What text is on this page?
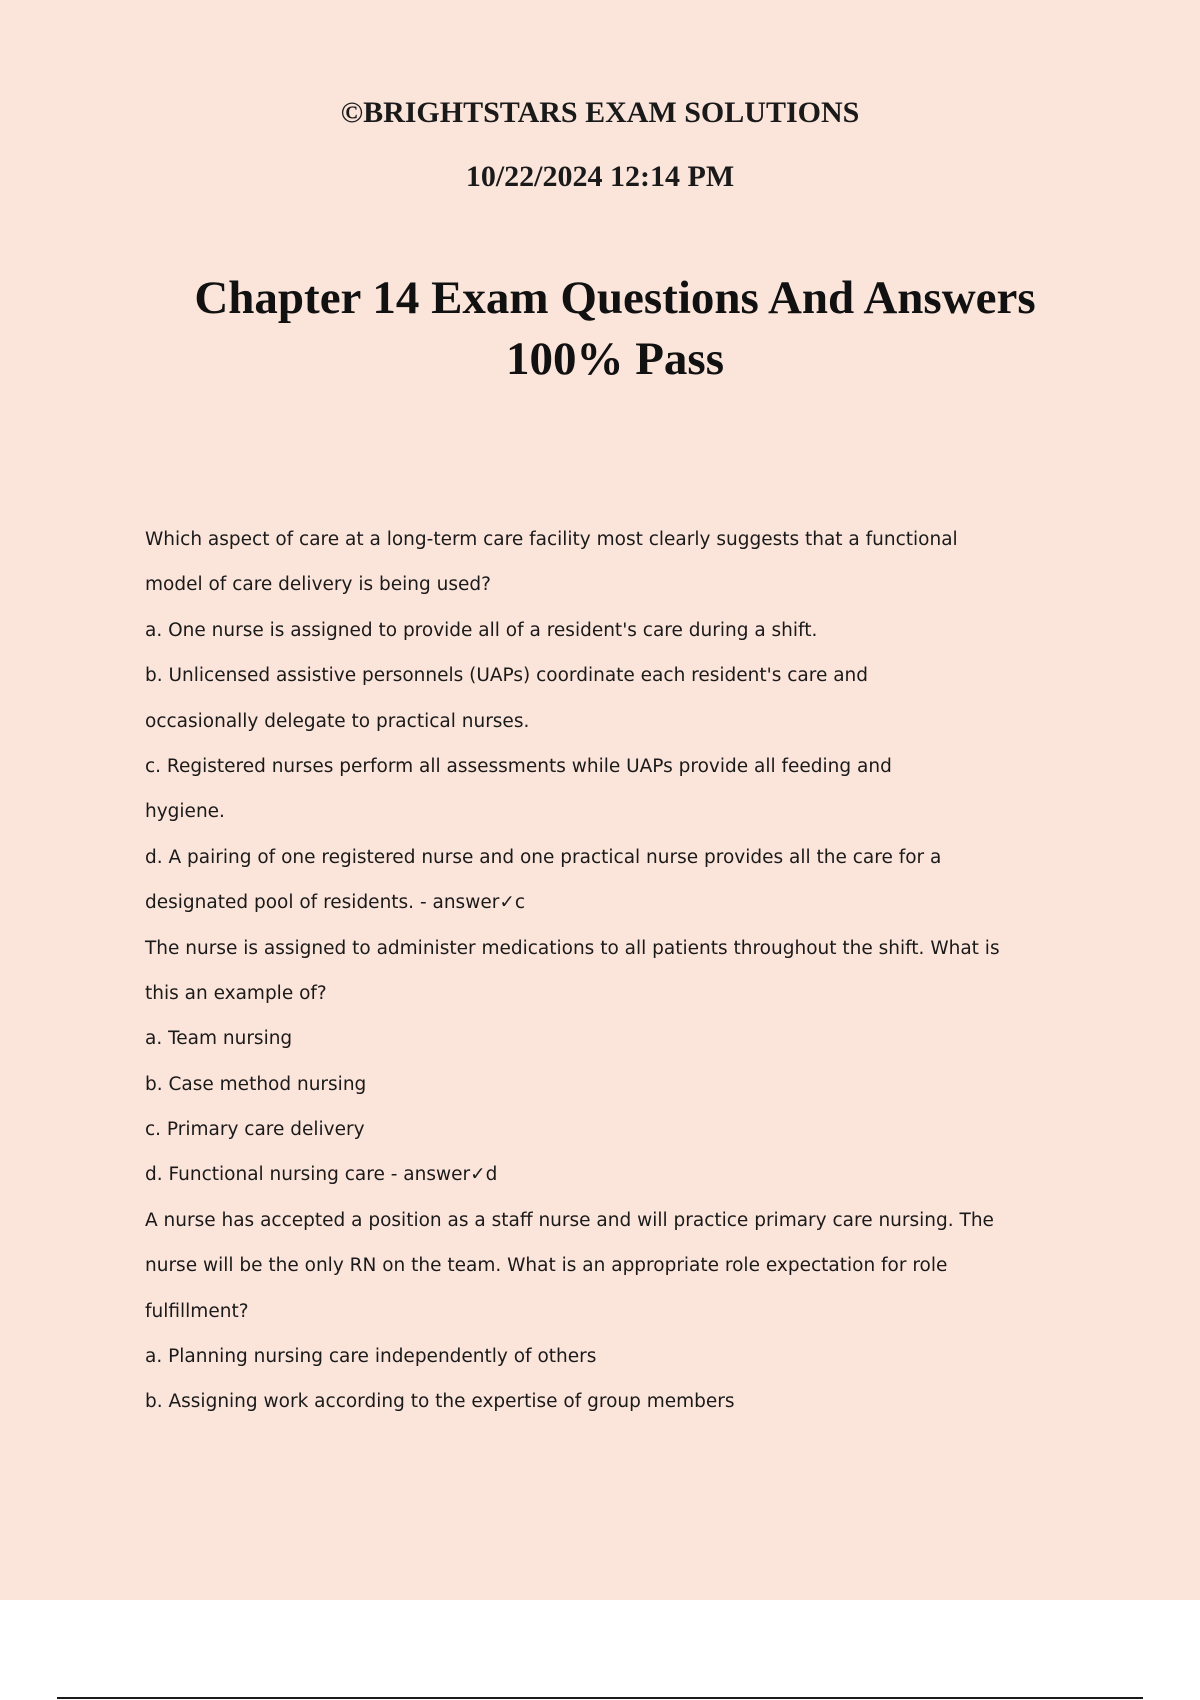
©BRIGHTSTARS EXAM SOLUTIONS
10/22/2024 12:14 PM
Chapter 14 Exam Questions And Answers
100% Pass
Which aspect of care at a long-term care facility most clearly suggests that a functional
model of care delivery is being used?
a. One nurse is assigned to provide all of a resident's care during a shift.
b. Unlicensed assistive personnels (UAPs) coordinate each resident's care and
occasionally delegate to practical nurses.
c. Registered nurses perform all assessments while UAPs provide all feeding and
hygiene.
d. A pairing of one registered nurse and one practical nurse provides all the care for a
designated pool of residents. - answer✓c
The nurse is assigned to administer medications to all patients throughout the shift. What is
this an example of?
a. Team nursing
b. Case method nursing
c. Primary care delivery
d. Functional nursing care - answer✓d
A nurse has accepted a position as a staff nurse and will practice primary care nursing. The
nurse will be the only RN on the team. What is an appropriate role expectation for role
fulfillment?
a. Planning nursing care independently of others
b. Assigning work according to the expertise of group members
